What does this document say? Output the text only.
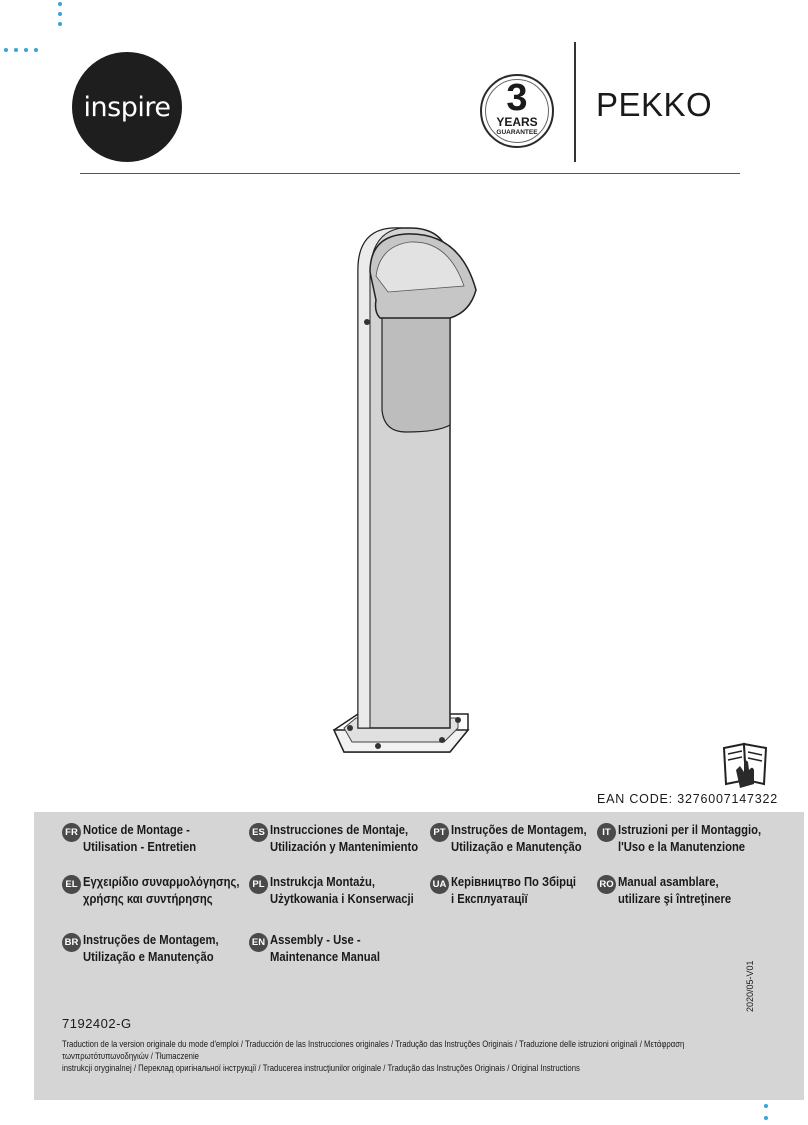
inspire	3
YEARS
GUARANTEE
PEKKO
EAN CODE: 3276007147322
FR Notice de Montage -
Utilisation - Entretien
ES Instrucciones de Montaje,
Utilización y Mantenimiento
PT Instruções de Montagem,
Utilização e Manutenção
IT Istruzioni per il Montaggio,
l'Uso e la Manutenzione
EL Εγχειρίδιο συναρμολόγησης,
χρήσης και συντήρησης
PL Instrukcja Montażu,
Użytkowania i Konserwacji
UA Керівництво По Збірці
і Експлуатації
RO Manual asamblare,
utilizare şi întreţinere
BR Instruções de Montagem,
Utilização e Manutenção
EN Assembly - Use -
Maintenance Manual
7192402-G
2020/05-V01
Traduction de la version originale du mode d'emploi / Traducción de las Instrucciones originales / Tradução das Instruções Originais / Traduzione delle istruzioni originali / Μετάφραση τωνπρωτότυπωνοδηγιών / Tłumaczenie
instrukcji oryginalnej / Переклад оригінальної інструкції / Traducerea instrucţiunilor originale / Tradução das Instruções Originais / Original Instructions
